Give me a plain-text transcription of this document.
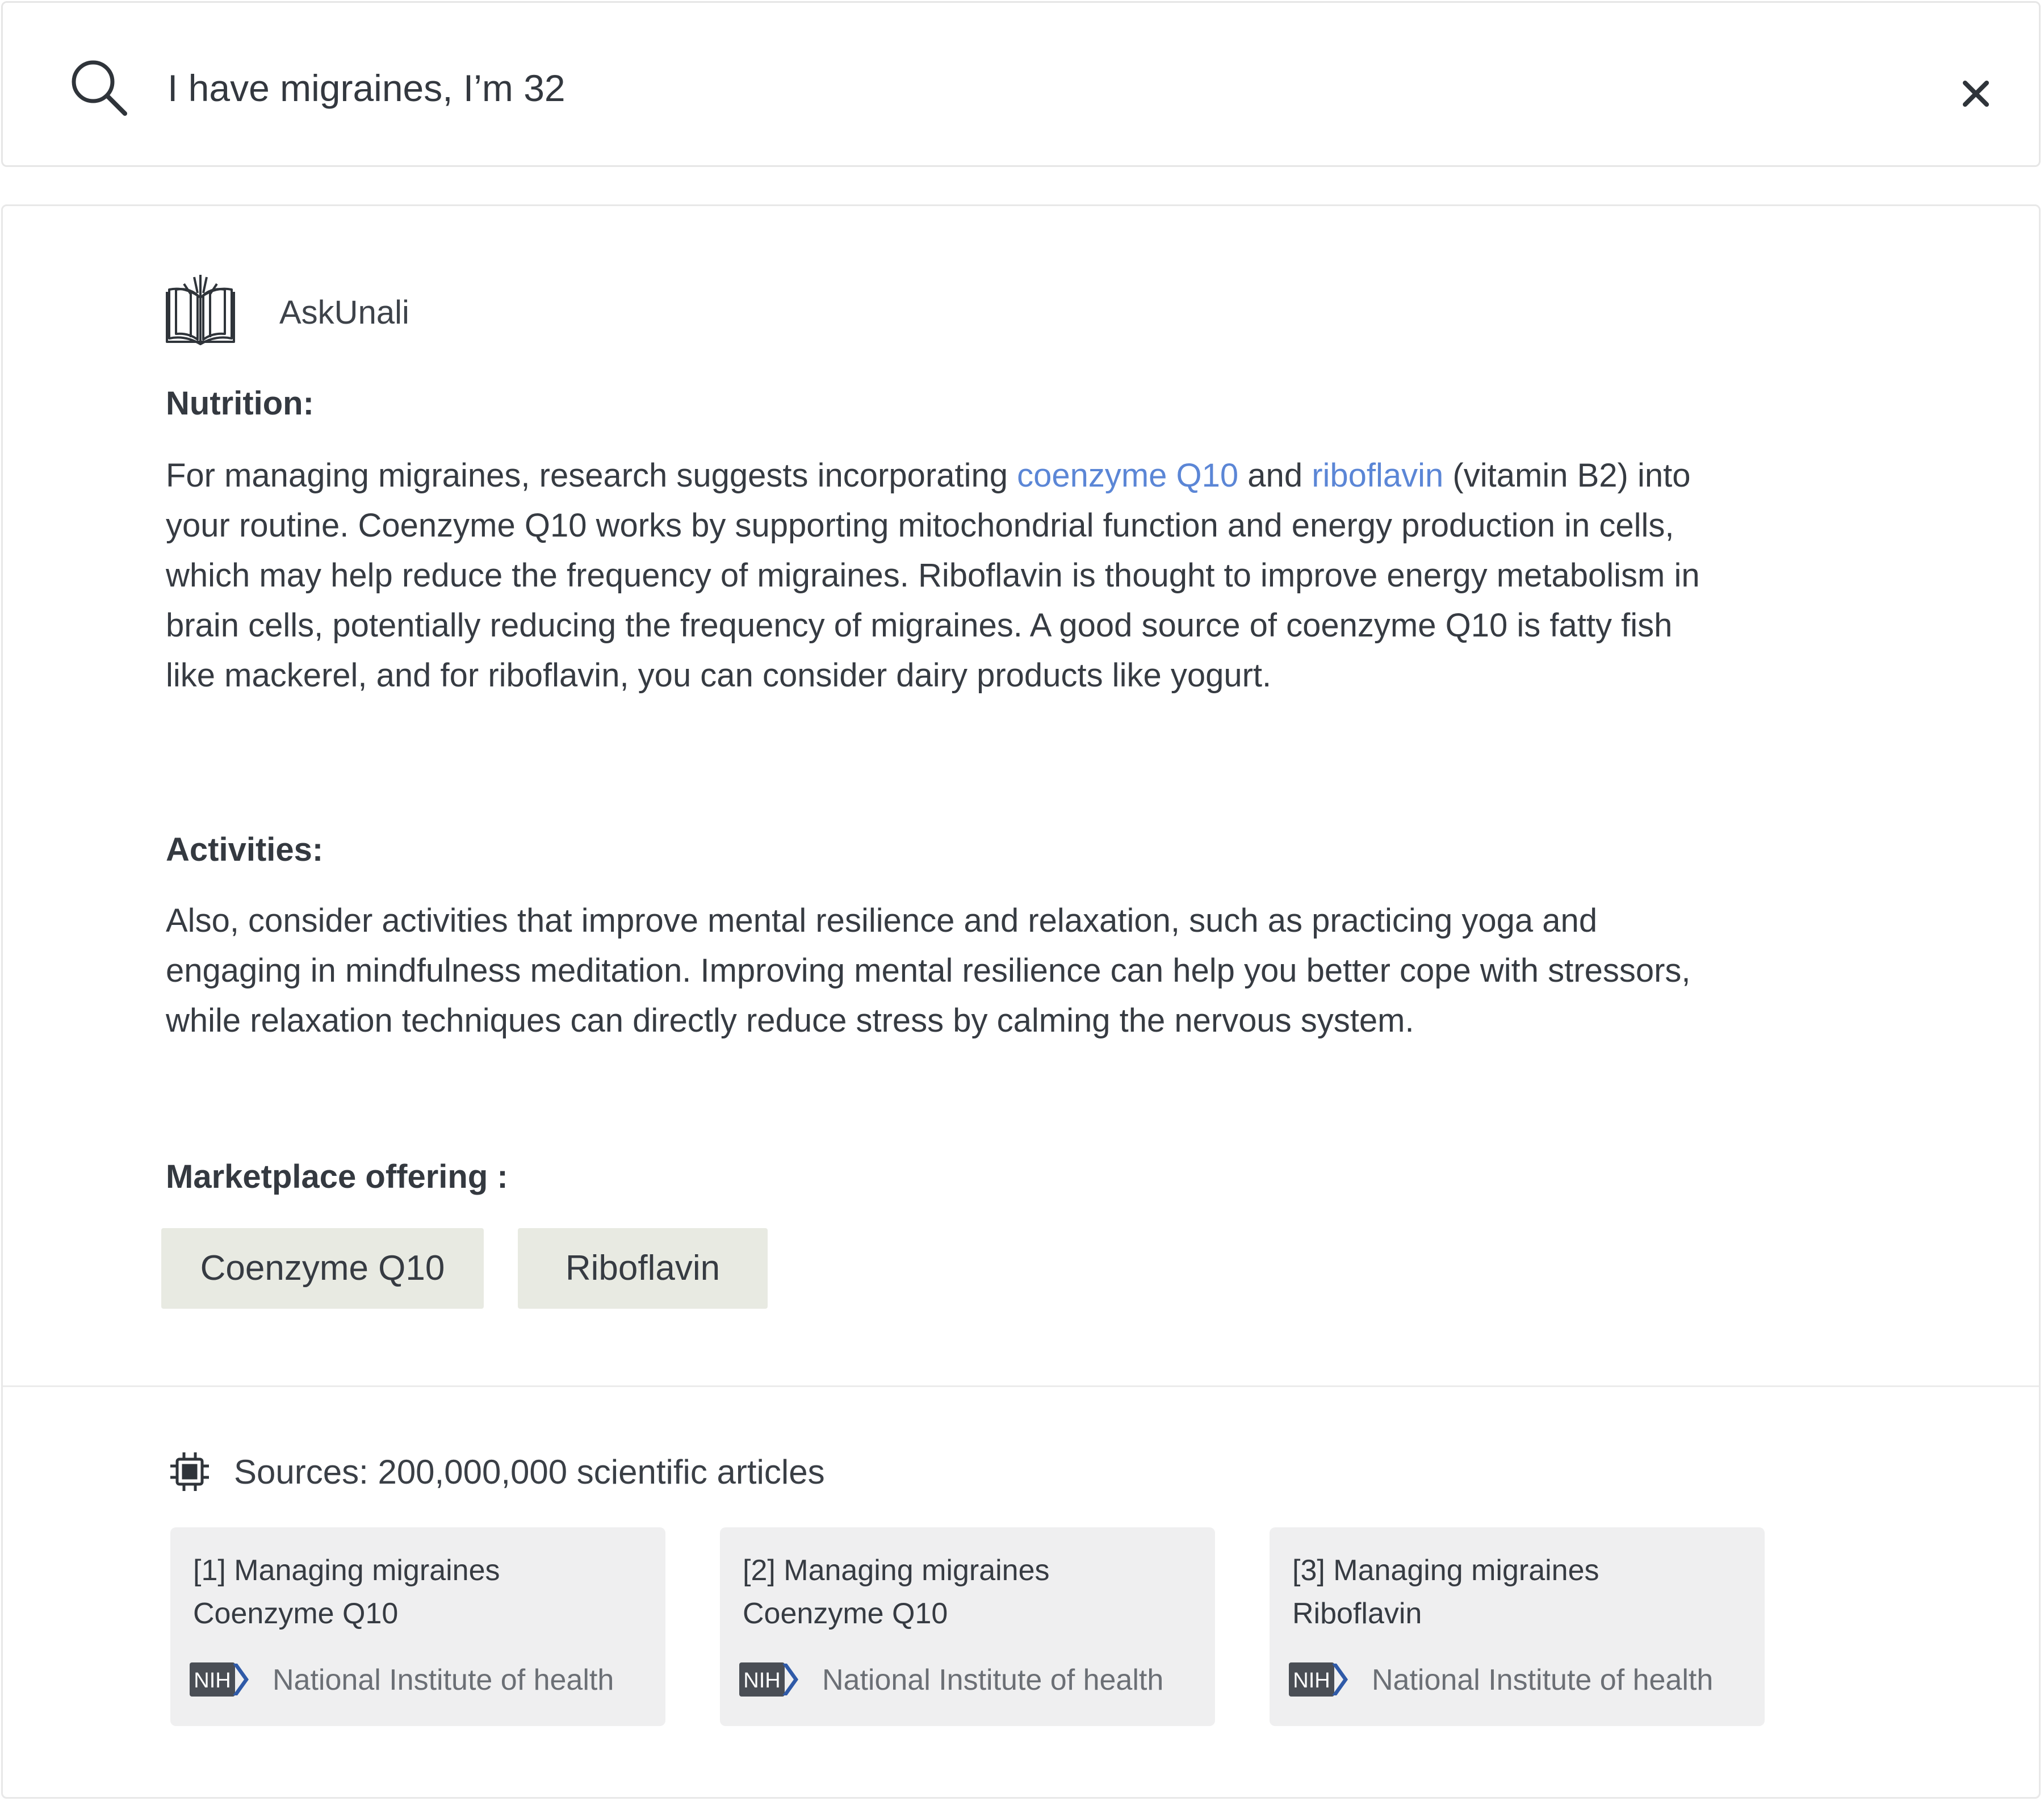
I have migraines, I’m 32
AskUnali
Nutrition:
For managing migraines, research suggests incorporating coenzyme Q10 and riboflavin (vitamin B2) into your routine. Coenzyme Q10 works by supporting mitochondrial function and energy production in cells, which may help reduce the frequency of migraines. Riboflavin is thought to improve energy metabolism in brain cells, potentially reducing the frequency of migraines. A good source of coenzyme Q10 is fatty fish like mackerel, and for riboflavin, you can consider dairy products like yogurt.
Activities:
Also, consider activities that improve mental resilience and relaxation, such as practicing yoga and engaging in mindfulness meditation. Improving mental resilience can help you better cope with stressors, while relaxation techniques can directly reduce stress by calming the nervous system.
Marketplace offering :
Coenzyme Q10	Riboflavin
Sources: 200,000,000 scientific articles
[1] Managing migraines
Coenzyme Q10
NIH National Institute of health
[2] Managing migraines
Coenzyme Q10
NIH National Institute of health
[3] Managing migraines
Riboflavin
NIH National Institute of health
